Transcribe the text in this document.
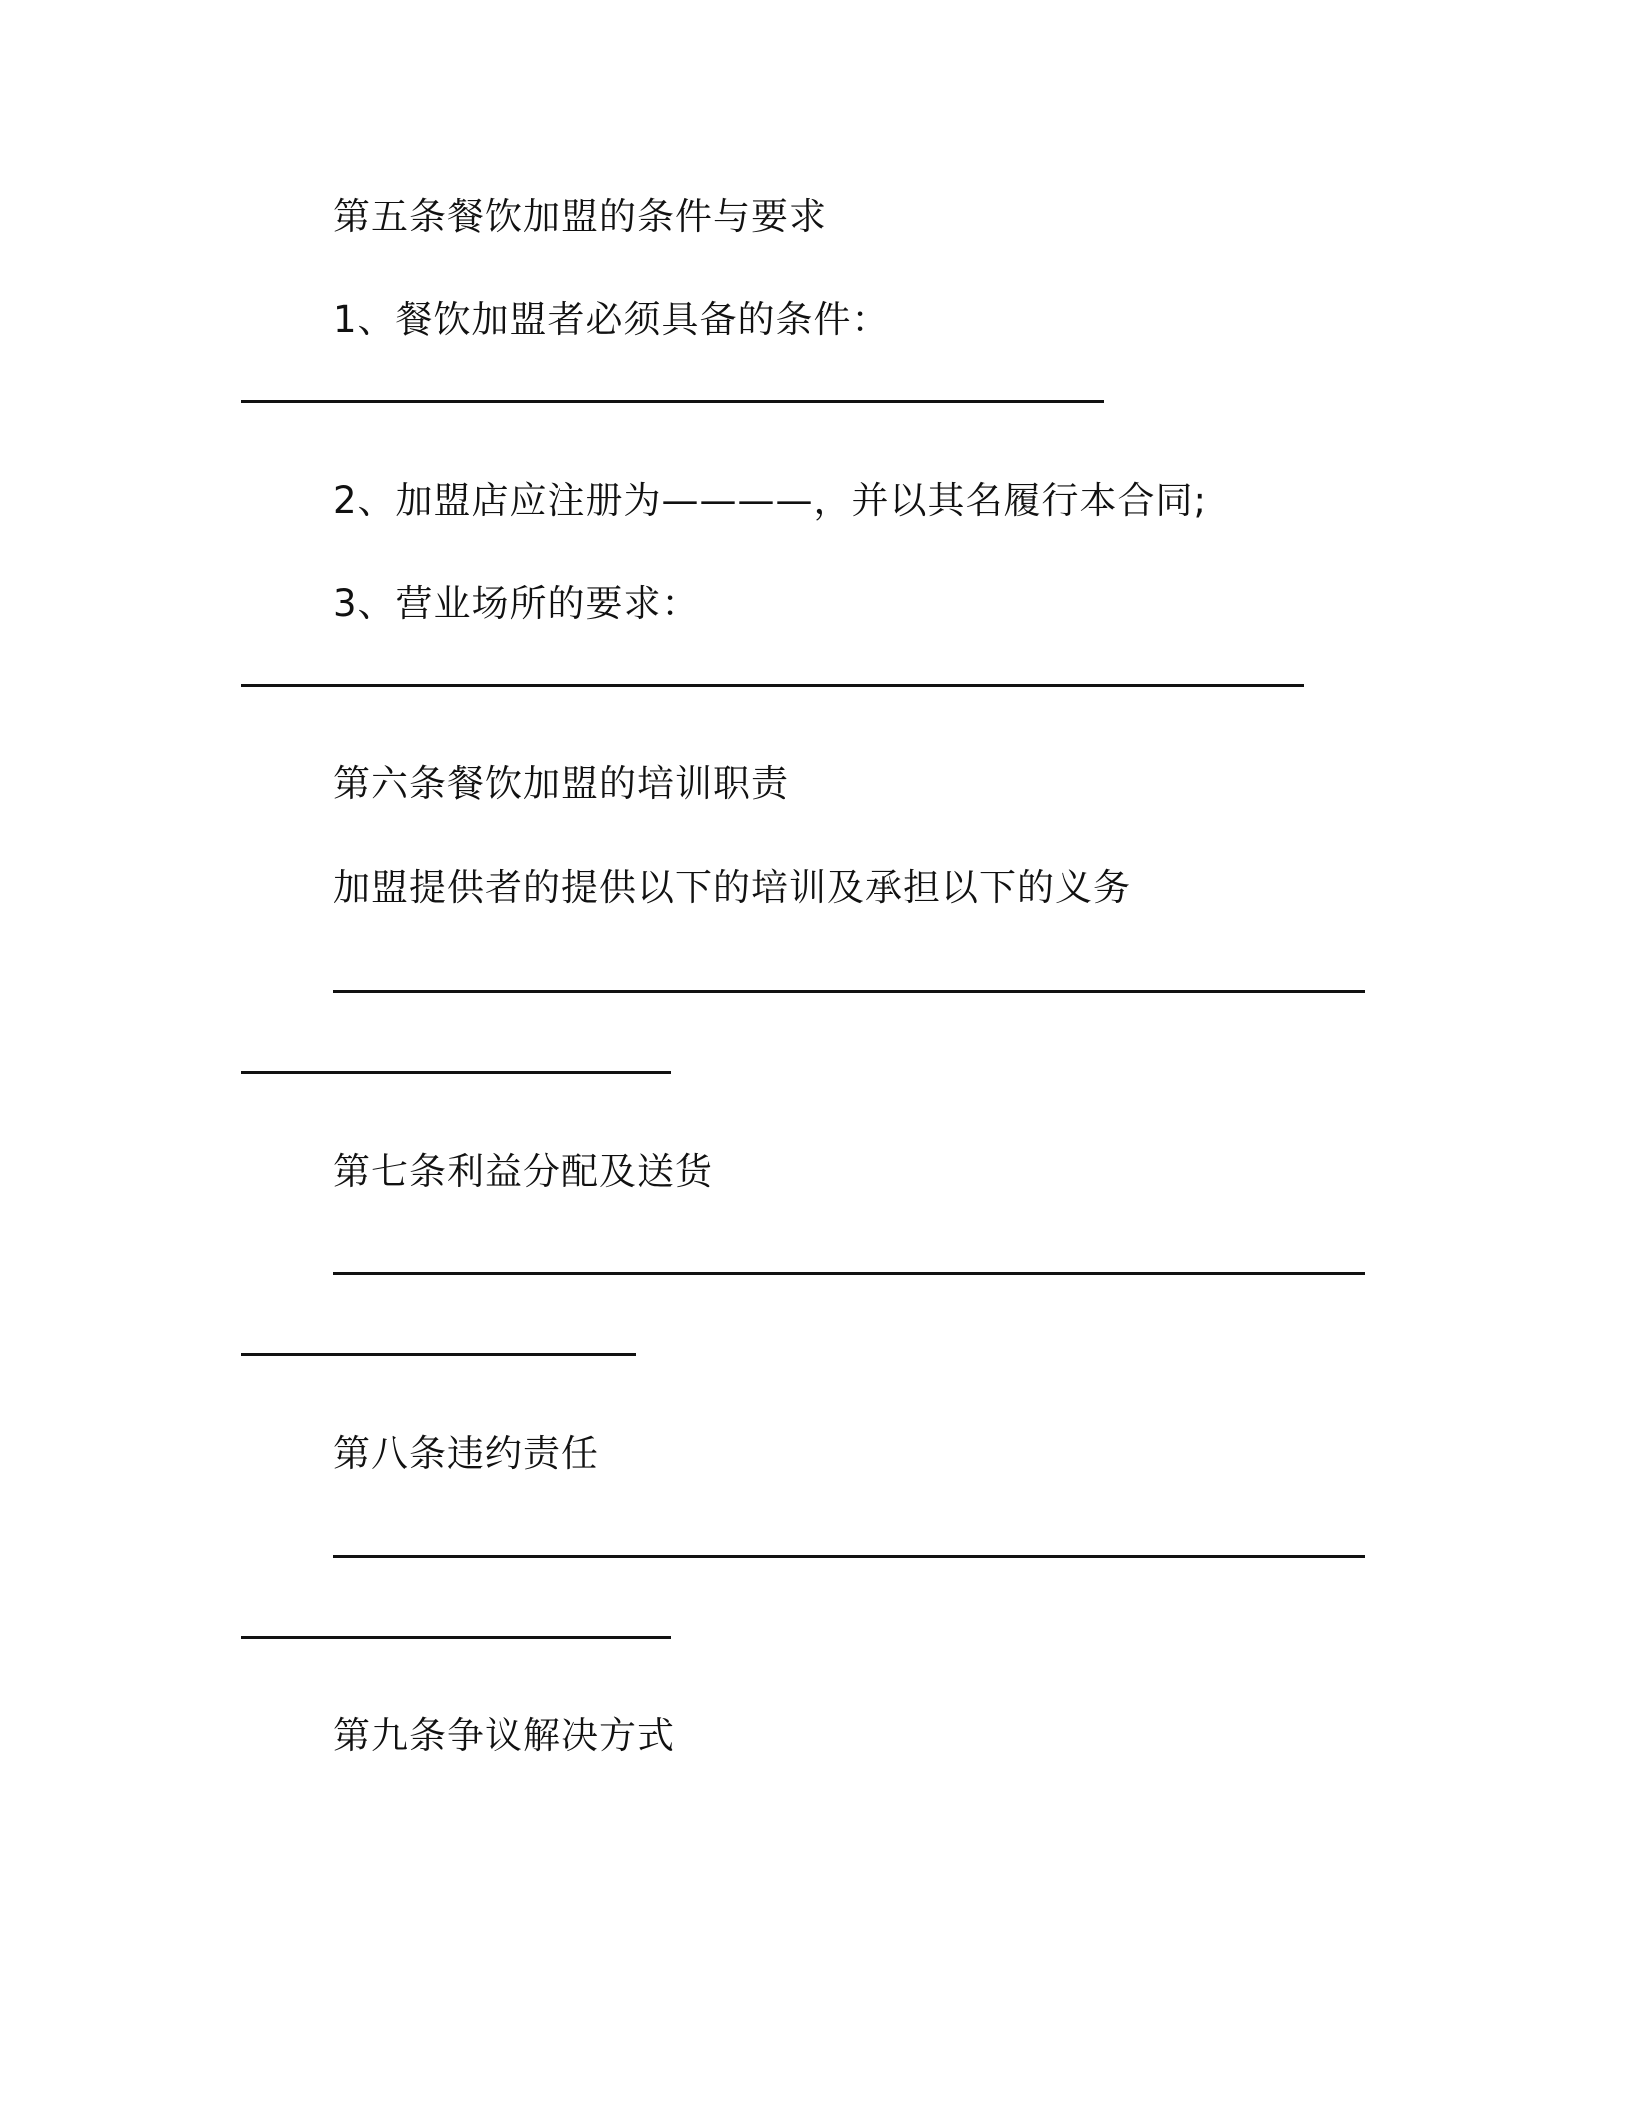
第五条餐饮加盟的条件与要求
1、餐饮加盟者必须具备的条件：
2、加盟店应注册为————，并以其名履行本合同;
3、营业场所的要求：
第六条餐饮加盟的培训职责
加盟提供者的提供以下的培训及承担以下的义务
第七条利益分配及送货
第八条违约责任
第九条争议解决方式
